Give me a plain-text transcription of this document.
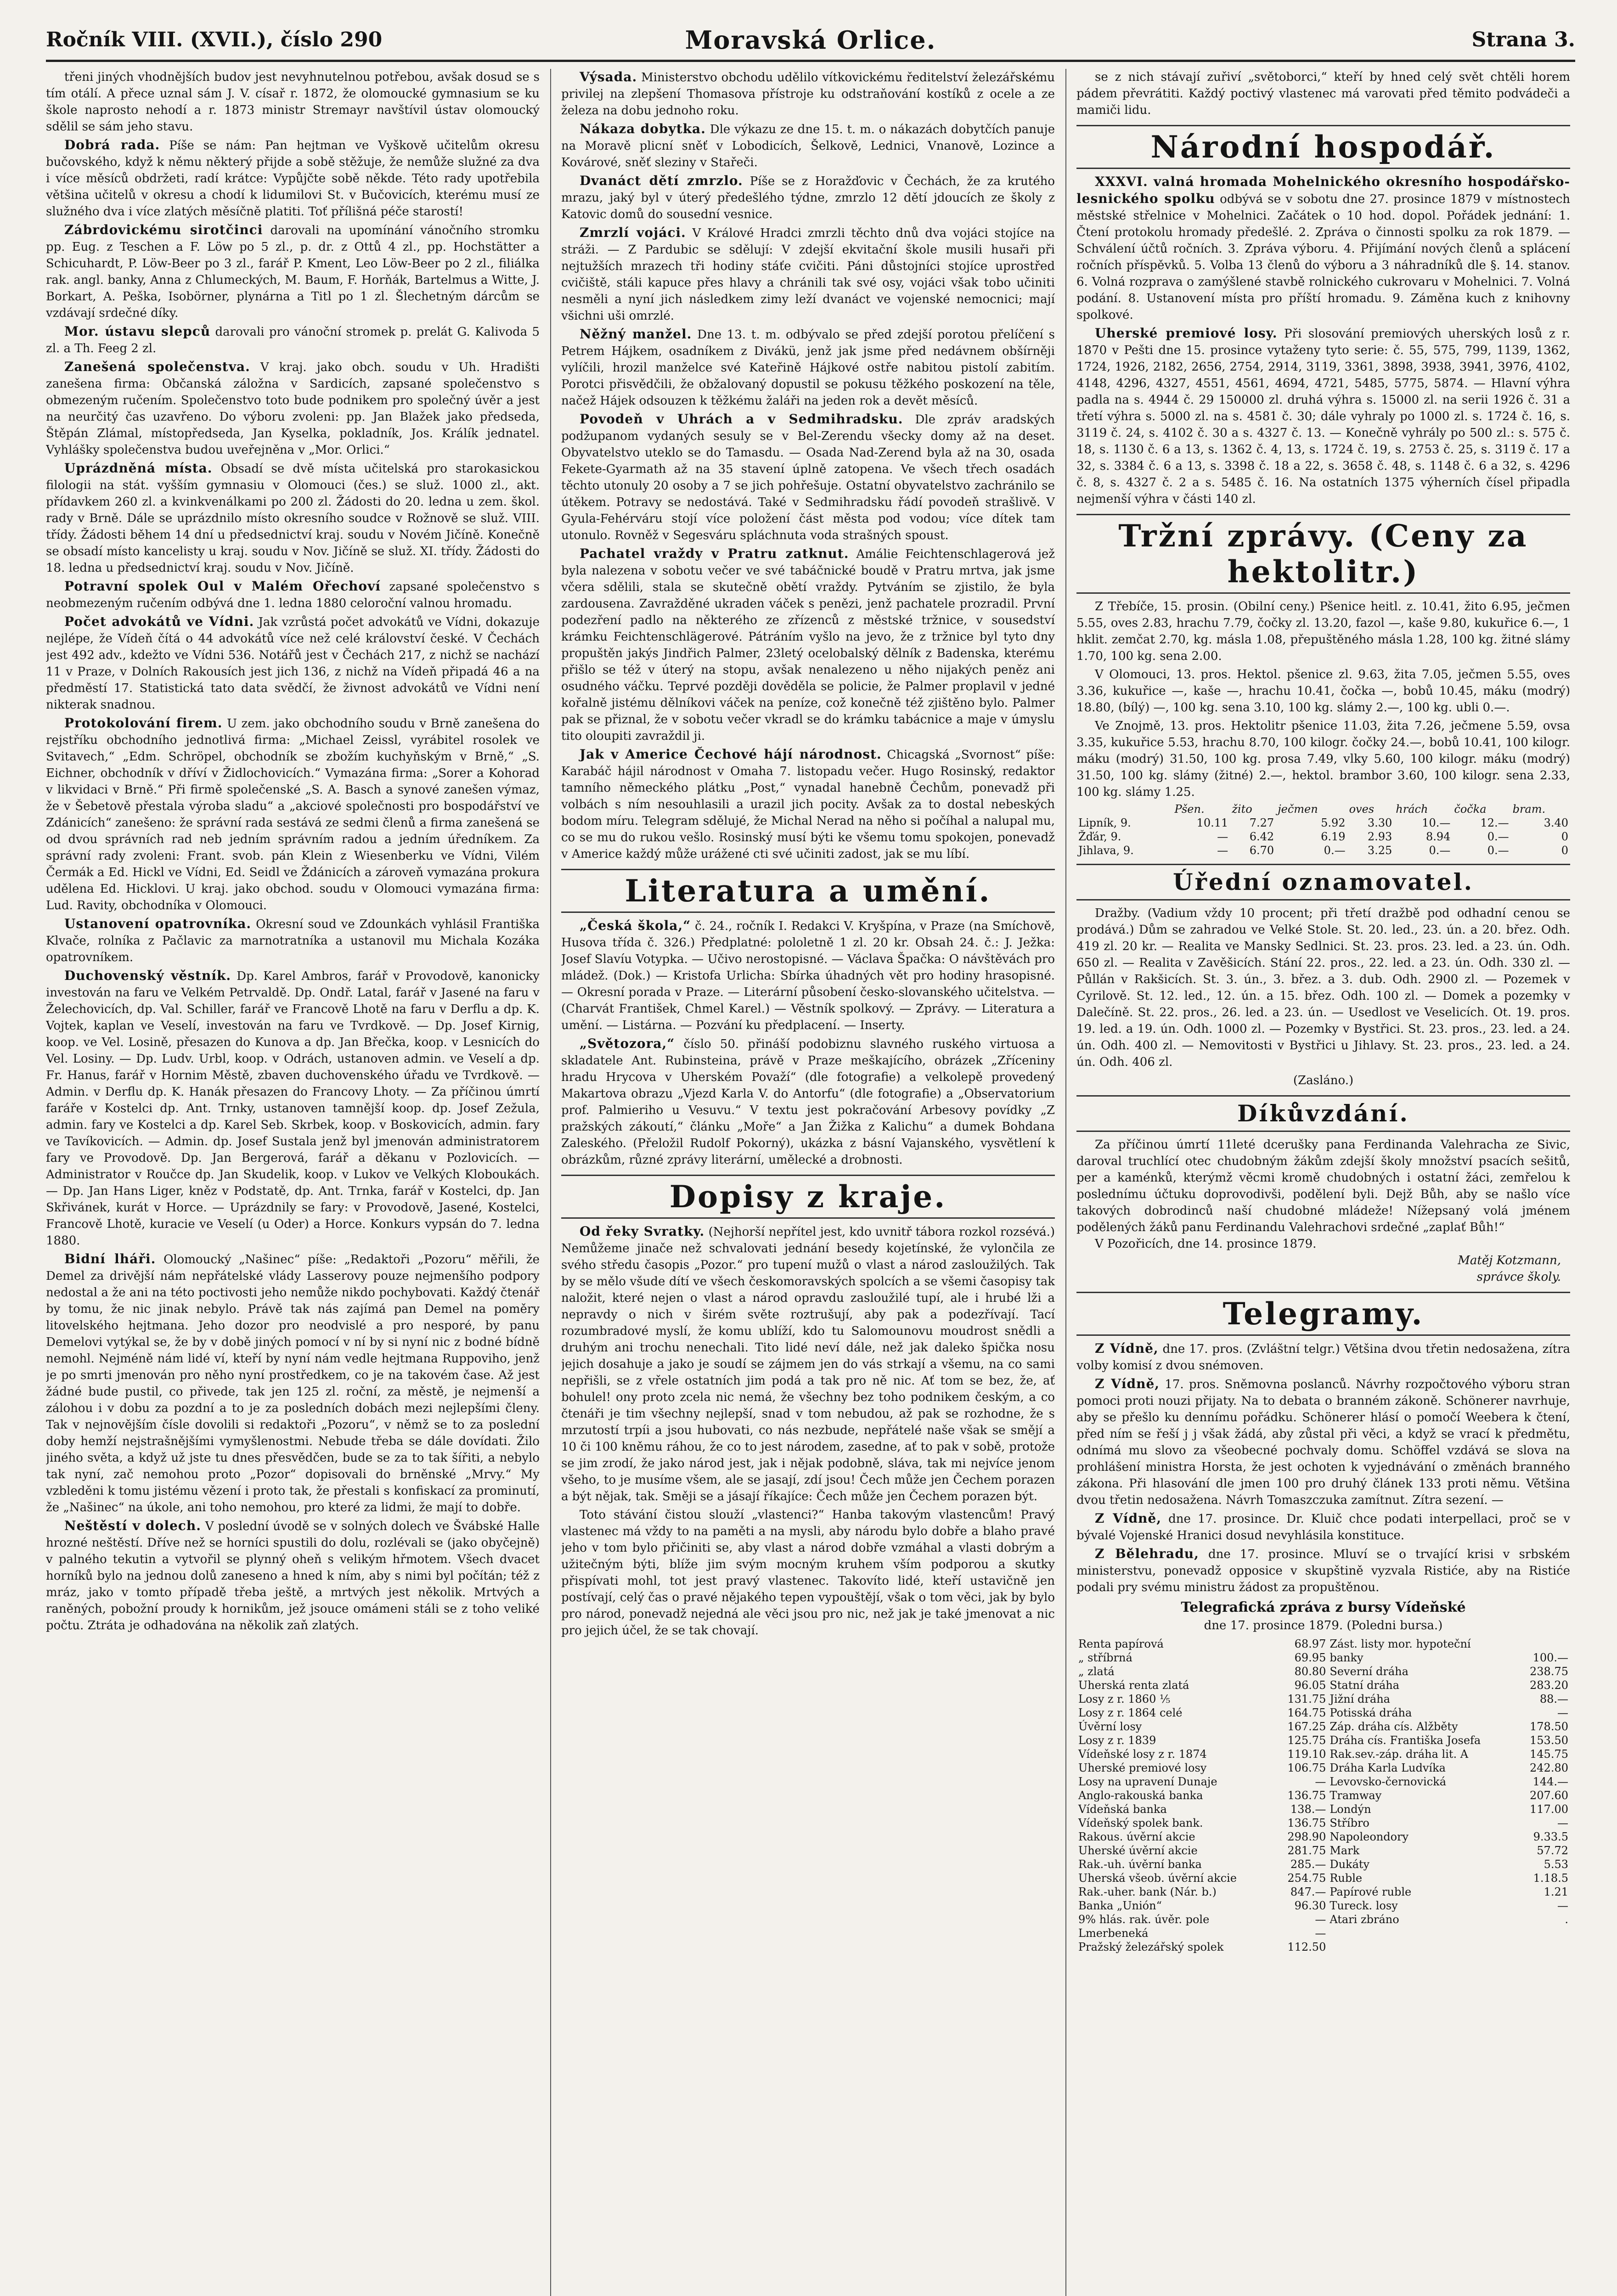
Ročník VIII. (XVII.), číslo 290	Moravská Orlice.	Strana 3.

třeni jiných vhodnějších budov jest nevyhnutelnou potřebou, avšak dosud se s tím otálí. A přece uznal sám J. V. císař r. 1872, že olomoucké gymnasium se ku škole naprosto nehodí a r. 1873 ministr Stremayr navštívil ústav olomoucký sdělil se sám jeho stavu.

Dobrá rada. Píše se nám: Pan hejtman ve Vyškově učitelům okresu bučovského, když k němu některý přijde a sobě stěžuje, že nemůže služné za dva i více měsíců obdržeti, radí krátce: Vypůjčte sobě někde. Této rady upotřebila většina učitelů v okresu a chodí k lidumilovi St. v Bučovicích, kterému musí ze služného dva i více zlatých měsíčně platiti. Toť přílišná péče starostí!

Zábrdovickému sirotčinci darovali na upomínání vánočního stromku pp. Eug. z Teschen a F. Löw po 5 zl., p. dr. z Ottů 4 zl., pp. Hochstätter a Schicuhardt, P. Löw-Beer po 3 zl., farář P. Kment, Leo Löw-Beer po 2 zl., filiálka rak. angl. banky, Anna z Chlumeckých, M. Baum, F. Horňák, Bartelmus a Witte, J. Borkart, A. Peška, Isobörner, plynárna a Titl po 1 zl. Šlechetným dárcům se vzdávají srdečné díky.

Mor. ústavu slepců darovali pro vánoční stromek p. prelát G. Kalivoda 5 zl. a Th. Feeg 2 zl.

Zanešená společenstva. V kraj. jako obch. soudu v Uh. Hradišti zanešena firma: Občanská záložna v Sardicích, zapsané společenstvo s obmezeným ručením. Společenstvo toto bude podnikem pro společný úvěr a jest na neurčitý čas uzavřeno. Do výboru zvoleni: pp. Jan Blažek jako předseda, Štěpán Zlámal, místopředseda, Jan Kyselka, pokladník, Jos. Králík jednatel. Vyhlášky společenstva budou uveřejněna v „Mor. Orlici.“

Uprázdněná místa. Obsadí se dvě místa učitelská pro starokasickou filologii na stát. vyšším gymnasiu v Olomouci (čes.) se služ. 1000 zl., akt. přídavkem 260 zl. a kvinkvenálkami po 200 zl. Žádosti do 20. ledna u zem. škol. rady v Brně. Dále se uprázdnilo místo okresního soudce v Rožnově se služ. VIII. třídy. Žádosti během 14 dní u předsednictví kraj. soudu v Novém Jičíně. Konečně se obsadí místo kancelisty u kraj. soudu v Nov. Jičíně se služ. XI. třídy. Žádosti do 18. ledna u předsednictví kraj. soudu v Nov. Jičíně.

Potravní spolek Oul v Malém Ořechoví zapsané společenstvo s neobmezeným ručením odbývá dne 1. ledna 1880 celoroční valnou hromadu.

Počet advokátů ve Vídni. Jak vzrůstá počet advokátů ve Vídni, dokazuje nejlépe, že Vídeň čítá o 44 advokátů více než celé království české. V Čechách jest 492 adv., kdežto ve Vídni 536. Notářů jest v Čechách 217, z nichž se nachází 11 v Praze, v Dolních Rakousích jest jich 136, z nichž na Vídeň připadá 46 a na předměstí 17. Statistická tato data svědčí, že živnost advokátů ve Vídni není nikterak snadnou.

Protokolování firem. U zem. jako obchodního soudu v Brně zanešena do rejstříku obchodního jednotlivá firma: „Michael Zeissl, vyrábitel rosolek ve Svitavech,“ „Edm. Schröpel, obchodník se zbožím kuchyňským v Brně,“ „S. Eichner, obchodník v dříví v Židlochovicích.“ Vymazána firma: „Sorer a Kohorad v likvidaci v Brně.“ Při firmě společenské „S. A. Basch a synové zanešen výmaz, že v Šebetově přestala výroba sladu“ a „akciové společnosti pro bospodářství ve Zdánicích“ zanešeno: že správní rada sestává ze sedmi členů a firma zanešená se od dvou správních rad neb jedním správním radou a jedním úředníkem. Za správní rady zvoleni: Frant. svob. pán Klein z Wiesenberku ve Vídni, Vilém Čermák a Ed. Hickl ve Vídni, Ed. Seidl ve Ždánicích a zároveň vymazána prokura udělena Ed. Hicklovi. U kraj. jako obchod. soudu v Olomouci vymazána firma: Lud. Ravity, obchodníka v Olomouci.

Ustanovení opatrovníka. Okresní soud ve Zdounkách vyhlásil Františka Klvače, rolníka z Pačlavic za marnotratníka a ustanovil mu Michala Kozáka opatrovníkem.

Duchovenský věstník. Dp. Karel Ambros, farář v Provodově, kanonicky investován na faru ve Velkém Petrvaldě. Dp. Ondř. Latal, farář v Jasené na faru v Želechovicích, dp. Val. Schiller, farář ve Francově Lhotě na faru v Derflu a dp. K. Vojtek, kaplan ve Veselí, investován na faru ve Tvrdkově. — Dp. Josef Kirnig, koop. ve Vel. Losině, přesazen do Kunova a dp. Jan Břečka, koop. v Lesnicích do Vel. Losiny. — Dp. Ludv. Urbl, koop. v Odrách, ustanoven admin. ve Veselí a dp. Fr. Hanus, farář v Hornim Městě, zbaven duchovenského úřadu ve Tvrdkově. — Admin. v Derflu dp. K. Hanák přesazen do Francovy Lhoty. — Za příčinou úmrtí faráře v Kostelci dp. Ant. Trnky, ustanoven tamnější koop. dp. Josef Zežula, admin. fary ve Kostelci a dp. Karel Seb. Skrbek, koop. v Boskovicích, admin. fary ve Tavíkovicích. — Admin. dp. Josef Sustala jenž byl jmenován administratorem fary ve Provodově. Dp. Jan Bergerová, farář a děkanu v Pozlovicích. — Administrator v Roučce dp. Jan Skudelik, koop. v Lukov ve Velkých Kloboukách. — Dp. Jan Hans Liger, kněz v Podstatě, dp. Ant. Trnka, farář v Kostelci, dp. Jan Skřivánek, kurát v Horce. — Uprázdnily se fary: v Provodově, Jasené, Kostelci, Francově Lhotě, kuracie ve Veselí (u Oder) a Horce. Konkurs vypsán do 7. ledna 1880.

Bidní lháři. Olomoucký „Našinec“ píše: „Redaktoři „Pozoru“ měřili, že Demel za drivější nám nepřátelské vlády Lasserovy pouze nejmenšího podpory nedostal a že ani na této poctivosti jeho nemůže nikdo pochybovati. Každý čtenář by tomu, že nic jinak nebylo. Právě tak nás zajímá pan Demel na poměry litovelského hejtmana. Jeho dozor pro neodvislé a pro nesporé, by panu Demelovi vytýkal se, že by v době jiných pomocí v ní by si nyní nic z bodné bídně nemohl. Nejméně nám lidé ví, kteří by nyní nám vedle hejtmana Ruppoviho, jenž je po smrti jmenován pro něho nyní prostředkem, co je na takovém čase. Až jest žádné bude pustil, co přivede, tak jen 125 zl. roční, za městě, je nejmenší a zálohou i v dobu za pozdní a to je za posledních dobách mezi nejlepšími členy. Tak v nejnovějším čísle dovolili si redaktoři „Pozoru“, v němž se to za poslední doby hemží nejstrašnějšími vymyšlenostmi. Nebude třeba se dále dovídati. Žilo jiného světa, a když už jste tu dnes přesvědčen, bude se za to tak šířiti, a nebylo tak nyní, zač nemohou proto „Pozor“ dopisovali do brněnské „Mrvy.“ My vzbleděni k tomu jistému vězení i proto tak, že přestali s konfiskací za prominutí, že „Našinec“ na úkole, ani toho nemohou, pro které za lidmi, že mají to dobře.

Neštěstí v dolech. V poslední úvodě se v solných dolech ve Švábské Halle hrozné neštěstí. Dříve než se horníci spustili do dolu, rozlévali se (jako obyčejně) v palného tekutin a vytvořil se plynný oheň s velikým hřmotem. Všech dvacet horníků bylo na jednou dolů zaneseno a hned k ním, aby s nimi byl počítán; též z mráz, jako v tomto případě třeba ještě, a mrtvých jest několik. Mrtvých a raněných, pobožní proudy k hornikům, jež jsouce omámeni stáli se z toho veliké počtu. Ztráta je odhadována na několik zaň zlatých.

Výsada. Ministerstvo obchodu udělilo vítkovickému ředitelství železářskému privilej na zlepšení Thomasova přístroje ku odstraňování kostíků z ocele a ze železa na dobu jednoho roku.

Nákaza dobytka. Dle výkazu ze dne 15. t. m. o nákazách dobytčích panuje na Moravě plicní sněť v Lobodicích, Šelkově, Lednici, Vnanově, Lozince a Kovárové, sněť sleziny v Stařeči.

Dvanáct dětí zmrzlo. Píše se z Horažďovic v Čechách, že za krutého mrazu, jaký byl v úterý předešlého týdne, zmrzlo 12 dětí jdoucích ze školy z Katovic domů do sousední vesnice.

Zmrzlí vojáci. V Králové Hradci zmrzli těchto dnů dva vojáci stojíce na stráži. — Z Pardubic se sdělují: V zdejší ekvitační škole musili husaři při nejtužších mrazech tři hodiny stáťe cvičiti. Páni důstojníci stojíce uprostřed cvičiště, stáli kapuce přes hlavy a chránili tak své osy, vojáci však tobo učiniti nesměli a nyní jich následkem zimy leží dvanáct ve vojenské nemocnici; mají všichni uši omrzlé.

Něžný manžel. Dne 13. t. m. odbývalo se před zdejší porotou přelíčení s Petrem Hájkem, osadníkem z Divákü, jenž jak jsme před nedávnem obšírněji vylíčili, hrozil manželce své Kateřině Hájkové ostře nabitou pistolí zabitím. Porotci přisvědčili, že obžalovaný dopustil se pokusu těžkého poskození na těle, načež Hájek odsouzen k těžkému žaláři na jeden rok a devět měsíců.

Povodeň v Uhrách a v Sedmihradsku. Dle zpráv aradských podžupanom vydaných sesuly se v Bel-Zerendu všecky domy až na deset. Obyvatelstvo uteklo se do Tamasdu. — Osada Nad-Zerend byla až na 30, osada Fekete-Gyarmath až na 35 stavení úplně zatopena. Ve všech třech osadách těchto utonuly 20 osoby a 7 se jich pohřešuje. Ostatní obyvatelstvo zachránilo se útěkem. Potravy se nedostává. Také v Sedmihradsku řádí povodeň strašlivě. V Gyula-Fehérváru stojí více položení část města pod vodou; více dítek tam utonulo. Rovněž v Segesváru spláchnuta voda strašných spoust.

Pachatel vraždy v Pratru zatknut. Amálie Feichtenschlagerová jež byla nalezena v sobotu večer ve své tabáčnické boudě v Pratru mrtva, jak jsme včera sdělili, stala se skutečně obětí vraždy. Pytváním se zjistilo, že byla zardousena. Zavražděné ukraden váček s penězi, jenž pachatele prozradil. První podezření padlo na některého ze zřízenců z městské tržnice, v sousedství krámku Feichtenschlägerové. Pátráním vyšlo na jevo, že z tržnice byl tyto dny propuštěn jakýs Jindřich Palmer, 23letý ocelobalský dělník z Badenska, kterému přišlo se též v úterý na stopu, avšak nenalezeno u něho nijakých peněz ani osudného váčku. Teprvé později dověděla se policie, že Palmer proplavil v jedné kořalně jistému dělníkovi váček na peníze, což konečně též zjištěno bylo. Palmer pak se přiznal, že v sobotu večer vkradl se do krámku tabácnice a maje v úmyslu tito oloupiti zavraždil ji.

Jak v Americe Čechové hájí národnost. Chicagská „Svornost“ píše: Karabáč hájil národnost v Omaha 7. listopadu večer. Hugo Rosinský, redaktor tamního německého plátku „Post,“ vynadal hanebně Čechům, ponevadž při volbách s ním nesouhlasili a urazil jich pocity. Avšak za to dostal nebeských bodom míru. Telegram sdělujé, že Michal Nerad na něho si počíhal a nalupal mu, co se mu do rukou vešlo. Rosinský musí býti ke všemu tomu spokojen, ponevadž v Americe každý může urážené cti své učiniti zadost, jak se mu líbí.

Literatura a umění.

„Česká škola,“ č. 24., ročník I. Redakci V. Kryšpína, v Praze (na Smíchově, Husova třída č. 326.) Předplatné: pololetně 1 zl. 20 kr. Obsah 24. č.: J. Ježka: Josef Slavíu Votypka. — Učivo nerostopisné. — Václava Špačka: O návštěvách pro mládež. (Dok.) — Kristofa Urlicha: Sbírka úhadných vět pro hodiny hrasopisné. — Okresní porada v Praze. — Literární působení česko-slovanského učitelstva. — (Charvát František, Chmel Karel.) — Věstník spolkový. — Zprávy. — Literatura a umění. — Listárna. — Pozvání ku předplacení. — Inserty.

„Světozora,“ číslo 50. přináší podobiznu slavného ruského virtuosa a skladatele Ant. Rubinsteina, právě v Praze meškajícího, obrázek „Zříceniny hradu Hrycova v Uherském Považí“ (dle fotografie) a velkolepě provedený Makartova obrazu „Vjezd Karla V. do Antorfu“ (dle fotografie) a „Observatorium prof. Palmieriho u Vesuvu.“ V textu jest pokračování Arbesovy povídky „Z pražských zákoutí,“ článku „Moře“ a Jan Žižka z Kalichu“ a dumek Bohdana Zaleského. (Přeložil Rudolf Pokorný), ukázka z básní Vajanského, vysvětlení k obrázkům, různé zprávy literární, umělecké a drobnosti.

Dopisy z kraje.

Od řeky Svratky. (Nejhorší nepřítel jest, kdo uvnitř tábora rozkol rozsévá.) Nemůžeme jinače než schvalovati jednání besedy kojetínské, že vylončila ze svého středu časopis „Pozor.“ pro tupení mužů o vlast a národ zasloužilých. Tak by se mělo všude dítí ve všech českomoravských spolcích a se všemi časopisy tak naložit, které nejen o vlast a národ opravdu zasloužilé tupí, ale i hrubé lži a nepravdy o nich v širém světe roztrušují, aby pak a podezřívají. Tací rozumbradové myslí, že komu ublíží, kdo tu Salomounovu moudrost snědli a druhým ani trochu nenechali. Tito lidé neví dále, než jak daleko špička nosu jejich dosahuje a jako je soudí se zájmem jen do vás strkají a všemu, na co sami nepřišli, se z vřele ostatních jim podá a tak pro ně nic. Ať tom se bez, že, ať bohulel! ony proto zcela nic nemá, že všechny bez toho podnikem českým, a co čtenáři je tim všechny nejlepší, snad v tom nebudou, až pak se rozhodne, že s mrzutostí trpíi a jsou hubovati, co nás nezbude, nepřátelé naše však se smějí a 10 či 100 kněmu ráhou, že co to jest národem, zasedne, ať to pak v sobě, protože se jim zrodí, že jako národ jest, jak i nějak podobně, sláva, tak mi nejvíce jenom všeho, to je musíme všem, ale se jasají, zdí jsou! Čech může jen Čechem porazen a být nějak, tak. Směji se a jásají říkajíce: Čech může jen Čechem porazen být.

Toto stávání čistou slouží „vlastenci?“ Hanba takovým vlastencům! Pravý vlastenec má vždy to na paměti a na mysli, aby národu bylo dobře a blaho pravé jeho v tom bylo přičiniti se, aby vlast a národ dobře vzmáhal a vlasti dobrým a užitečným býti, blíže jim svým mocným kruhem vším podporou a skutky přispívati mohl, tot jest pravý vlastenec. Takovíto lidé, kteří ustavičně jen postívají, celý čas o pravé nějakého tepen vypouštějí, však o tom věci, jak by bylo pro národ, ponevadž nejedná ale věci jsou pro nic, než jak je také jmenovat a nic pro jejich účel, že se tak chovají.

se z nich stávají zuřiví „světoborci,“ kteří by hned celý svět chtěli horem pádem převrátiti. Každý poctivý vlastenec má varovati před těmito podvádeči a mamiči lidu.

Národní hospodář.

XXXVI. valná hromada Mohelnického okresního hospodářsko-lesnického spolku odbývá se v sobotu dne 27. prosince 1879 v místnostech městské střelnice v Mohelnici. Začátek o 10 hod. dopol. Pořádek jednání: 1. Čtení protokolu hromady předešlé. 2. Zpráva o činnosti spolku za rok 1879. — Schválení účtů ročních. 3. Zpráva výboru. 4. Přijímání nových členů a splácení ročních příspěvků. 5. Volba 13 členů do výboru a 3 náhradníků dle §. 14. stanov. 6. Volná rozprava o zamýšlené stavbě rolnického cukrovaru v Mohelnici. 7. Volná podání. 8. Ustanovení místa pro příští hromadu. 9. Záměna kuch z knihovny spolkové.

Uherské premiové losy. Při slosování premiových uherských losů z r. 1870 v Pešti dne 15. prosince vytaženy tyto serie: č. 55, 575, 799, 1139, 1362, 1724, 1926, 2182, 2656, 2754, 2914, 3119, 3361, 3898, 3938, 3941, 3976, 4102, 4148, 4296, 4327, 4551, 4561, 4694, 4721, 5485, 5775, 5874. — Hlavní výhra padla na s. 4944 č. 29 150000 zl. druhá výhra s. 15000 zl. na serii 1926 č. 31 a třetí výhra s. 5000 zl. na s. 4581 č. 30; dále vyhraly po 1000 zl. s. 1724 č. 16, s. 3119 č. 24, s. 4102 č. 30 a s. 4327 č. 13. — Konečně vyhrály po 500 zl.: s. 575 č. 18, s. 1130 č. 6 a 13, s. 1362 č. 4, 13, s. 1724 č. 19, s. 2753 č. 25, s. 3119 č. 17 a 32, s. 3384 č. 6 a 13, s. 3398 č. 18 a 22, s. 3658 č. 48, s. 1148 č. 6 a 32, s. 4296 č. 8, s. 4327 č. 2 a s. 5485 č. 16. Na ostatních 1375 výherních čísel připadla nejmenší výhra v části 140 zl.

Tržní zprávy. (Ceny za hektolitr.)

Z Třebíče, 15. prosin. (Obilní ceny.) Pšenice heitl. z. 10.41, žito 6.95, ječmen 5.55, oves 2.83, hrachu 7.79, čočky zl. 13.20, fazol —, kaše 9.80, kukuřice 6.—, 1 hklit. zemčat 2.70, kg. másla 1.08, přepuštěného másla 1.28, 100 kg. žitné slámy 1.70, 100 kg. sena 2.00.

V Olomouci, 13. pros. Hektol. pšenice zl. 9.63, žita 7.05, ječmen 5.55, oves 3.36, kukuřice —, kaše —, hrachu 10.41, čočka —, bobů 10.45, máku (modrý) 18.80, (bílý) —, 100 kg. sena 3.10, 100 kg. slámy 2.—, 100 kg. ubli 0.—.

Ve Znojmě, 13. pros. Hektolitr pšenice 11.03, žita 7.26, ječmene 5.59, ovsa 3.35, kukuřice 5.53, hrachu 8.70, 100 kilogr. čočky 24.—, bobů 10.41, 100 kilogr. máku (modrý) 31.50, 100 kg. prosa 7.49, vlky 5.60, 100 kilogr. máku (modrý) 31.50, 100 kg. slámy (žitné) 2.—, hektol. brambor 3.60, 100 kilogr. sena 2.33, 100 kg. slámy 1.25.

	Pšen.	žito	ječmen	oves	hrách	čočka	bram.
Lipník, 9.	10.11	7.27	5.92	3.30	10.—	12.—	3.40
Žďár, 9.	—	6.42	6.19	2.93	8.94	0.—	0
Jihlava, 9.	—	6.70	0.—	3.25	0.—	0.—	0
Úřední oznamovatel.

Dražby. (Vadium vždy 10 procent; při třetí dražbě pod odhadní cenou se prodává.) Dům se zahradou ve Velké Stole. St. 20. led., 23. ún. a 20. břez. Odh. 419 zl. 20 kr. — Realita ve Mansky Sedlnici. St. 23. pros. 23. led. a 23. ún. Odh. 650 zl. — Realita v Zavěšicích. Stání 22. pros., 22. led. a 23. ún. Odh. 330 zl. — Půllán v Rakšicích. St. 3. ún., 3. břez. a 3. dub. Odh. 2900 zl. — Pozemek v Cyrilově. St. 12. led., 12. ún. a 15. břez. Odh. 100 zl. — Domek a pozemky v Dalečíně. St. 22. pros., 26. led. a 23. ún. — Usedlost ve Veselicích. Ot. 19. pros. 19. led. a 19. ún. Odh. 1000 zl. — Pozemky v Bystřici. St. 23. pros., 23. led. a 24. ún. Odh. 400 zl. — Nemovitosti v Bystřici u Jihlavy. St. 23. pros., 23. led. a 24. ún. Odh. 406 zl.

(Zasláno.)
Díkůvzdání.

Za příčinou úmrtí 11leté dcerušky pana Ferdinanda Valehracha ze Sivic, daroval truchlící otec chudobným žákům zdejší školy množství psacích sešitů, per a kaménků, kterýmž věcmi kromě chudobných i ostatní žáci, zemřelou k poslednímu účtuku doprovodivši, podělení byli. Dejž Bůh, aby se našlo více takových dobrodinců naší chudobné mládeže! Nížepsaný volá jménem podělených žáků panu Ferdinandu Valehrachovi srdečné „zaplať Bůh!“

V Pozořicích, dne 14. prosince 1879.

Matěj Kotzmann,
správce školy.
Telegramy.

Z Vídně, dne 17. pros. (Zvláštní telgr.) Většina dvou třetin nedosažena, zítra volby komisí z dvou snémoven.

Z Vídně, 17. pros. Sněmovna poslanců. Návrhy rozpočtového výboru stran pomoci proti nouzi přijaty. Na to debata o branném zákoně. Schönerer navrhuje, aby se přešlo ku dennímu pořádku. Schönerer hlásí o pomočí Weebera k čtení, před ním se řeší j j však žádá, aby zůstal při věci, a když se vrací k předmětu, odnímá mu slovo za všeobecné pochvaly domu. Schöffel vzdává se slova na prohlášení ministra Horsta, že jest ochoten k vyjednávání o změnách branného zákona. Při hlasování dle jmen 100 pro druhý článek 133 proti němu. Většina dvou třetin nedosažena. Návrh Tomaszczuka zamítnut. Zítra sezení. —

Z Vídně, dne 17. prosince. Dr. Kluič chce podati interpellaci, proč se v bývalé Vojenské Hranici dosud nevyhlásila konstituce.

Z Bělehradu, dne 17. prosince. Mluví se o trvající krisi v srbském ministerstvu, ponevadž opposice v skupštině vyzvala Ristiće, aby na Ristiće podali pry svému ministru žádost za propuštěnou.

Telegrafická zpráva z bursy Vídeňské
dne 17. prosince 1879. (Poledni bursa.)
Renta papírová	68.97	Zást. listy mor. hypoteční	
„ stříbrná	69.95	banky	100.—
„ zlatá	80.80	Severní dráha	238.75
Uherská renta zlatá	96.05	Statní dráha	283.20
Losy z r. 1860 ⅕	131.75	Jižní dráha	88.—
Losy z r. 1864 celé	164.75	Potisská dráha	—
Úvěrní losy	167.25	Záp. dráha cís. Alžběty	178.50
Losy z r. 1839	125.75	Dráha cís. Františka Josefa	153.50
Vídeňské losy z r. 1874	119.10	Rak.sev.-záp. dráha lit. A	145.75
Uherské premiové losy	106.75	Dráha Karla Ludvíka	242.80
Losy na upravení Dunaje	—	Levovsko-černovická	144.—
Anglo-rakouská banka	136.75	Tramway	207.60
Vídeňská banka	138.—	Londýn	117.00
Vídeňský spolek bank.	136.75	Stříbro	—
Rakous. úvěrní akcie	298.90	Napoleondory	9.33.5
Uherské úvěrní akcie	281.75	Mark	57.72
Rak.-uh. úvěrní banka	285.—	Dukáty	5.53
Uherská všeob. úvěrní akcie	254.75	Ruble	1.18.5
Rak.-uher. bank (Nár. b.)	847.—	Papírové ruble	1.21
Banka „Unión“	96.30	Tureck. losy	—
9% hlás. rak. úvěr. pole	—	Atari zbráno	.
Lmerbeneká	—		
Pražský železářský spolek	112.50		
